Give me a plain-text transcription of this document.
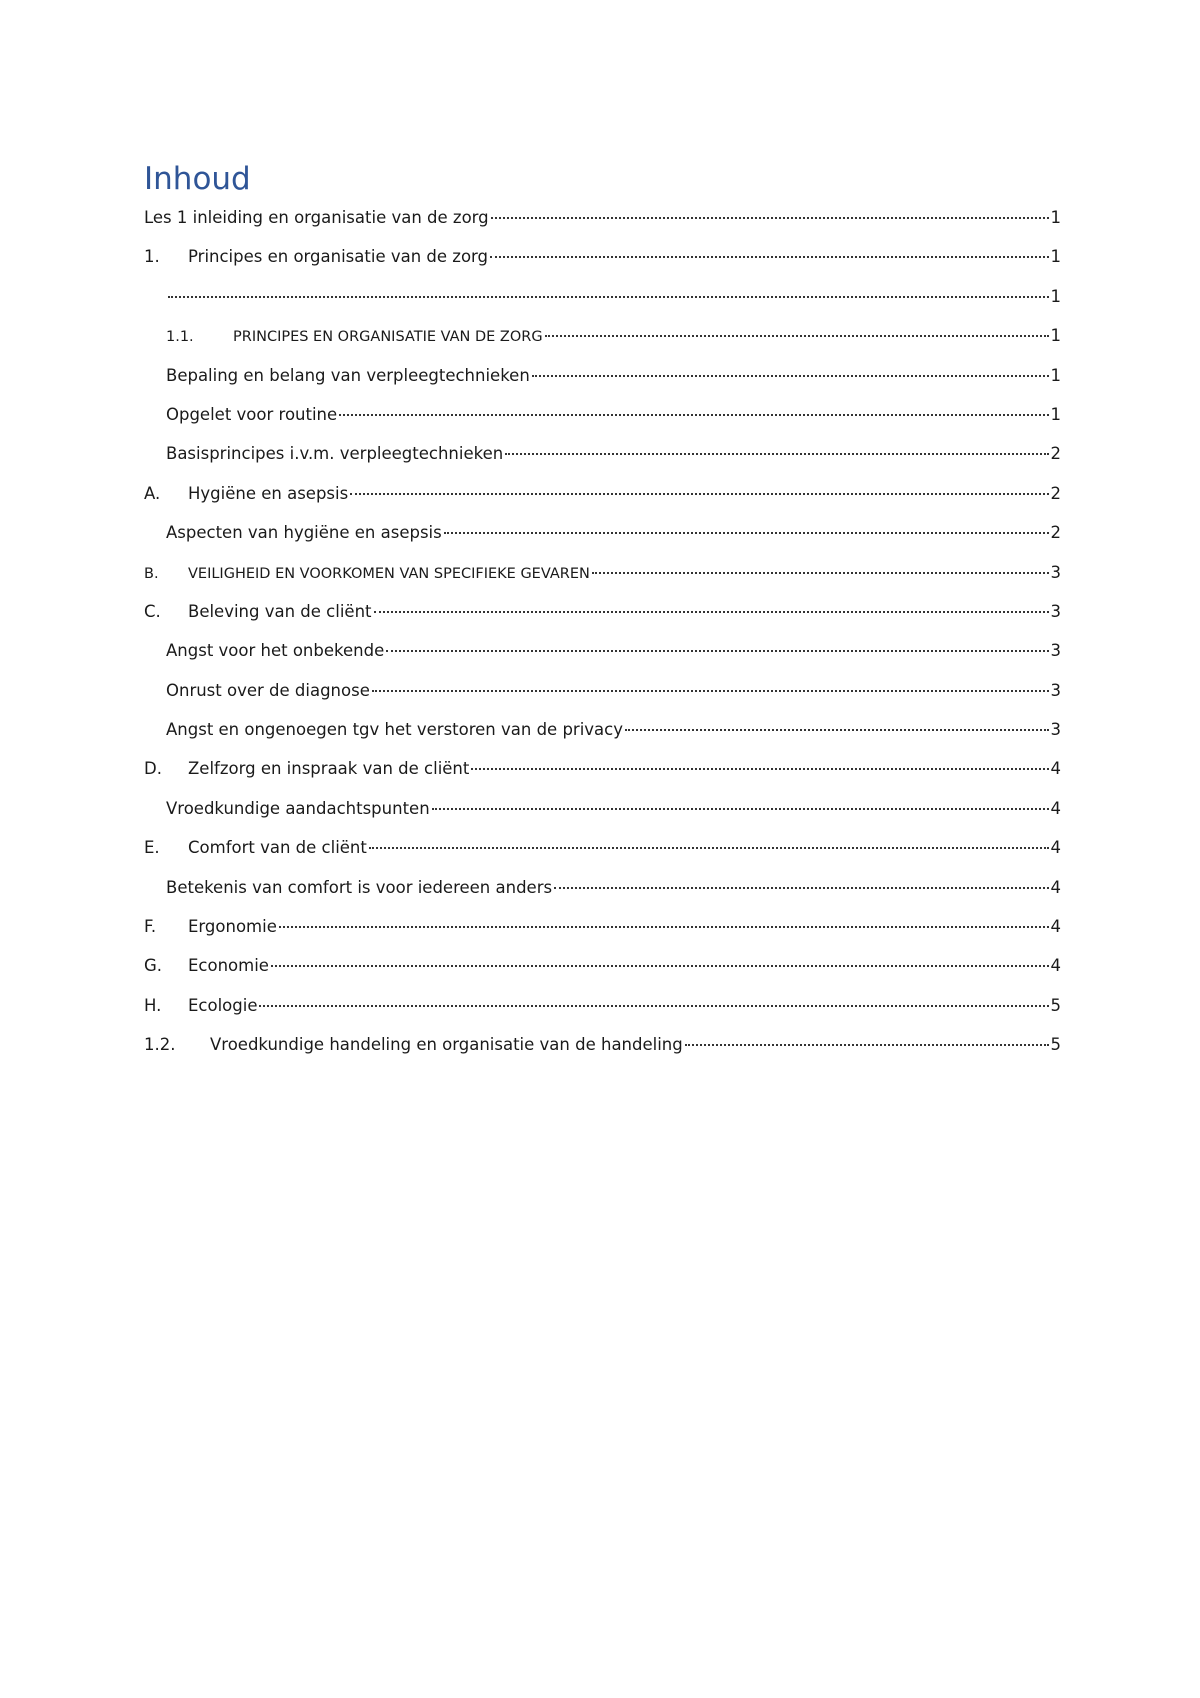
Inhoud
Les 1 inleiding en organisatie van de zorg	1
1.	Principes en organisatie van de zorg	1
1
1.1.	PRINCIPES EN ORGANISATIE VAN DE ZORG	1
Bepaling en belang van verpleegtechnieken	1
Opgelet voor routine	1
Basisprincipes i.v.m. verpleegtechnieken	2
A.	Hygiëne en asepsis	2
Aspecten van hygiëne en asepsis	2
B.	VEILIGHEID EN VOORKOMEN VAN SPECIFIEKE GEVAREN	3
C.	Beleving van de cliënt	3
Angst voor het onbekende	3
Onrust over de diagnose	3
Angst en ongenoegen tgv het verstoren van de privacy	3
D.	Zelfzorg en inspraak van de cliënt	4
Vroedkundige aandachtspunten	4
E.	Comfort van de cliënt	4
Betekenis van comfort is voor iedereen anders	4
F.	Ergonomie	4
G.	Economie	4
H.	Ecologie	5
1.2.	Vroedkundige handeling en organisatie van de handeling	5
